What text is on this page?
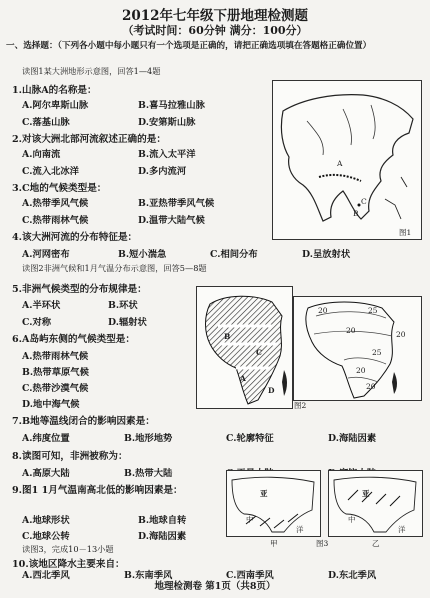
2012年七年级下册地理检测题
（考试时间：60分钟 满分：100分）
一、选择题：（下列各小题中每小题只有一个选项是正确的，请把正确选项填在答题格正确位置）
读图1某大洲地形示意图，回答1—4题
1.山脉A的名称是：
A.阿尔卑斯山脉	B.喜马拉雅山脉
C.落基山脉	D.安第斯山脉
2.对该大洲北部河流叙述正确的是：
A.向南流	B.流入太平洋
C.流入北冰洋	D.多内流河
3.C地的气候类型是：
A.热带季风气候	B.亚热带季风气候
C.热带雨林气候	D.温带大陆气候
4.该大洲河流的分布特征是：
A.河网密布	B.短小湍急	C.相间分布	D.呈放射状
读图2非洲气候和1月气温分布示意图，回答5—8题
5.非洲气候类型的分布规律是：
A.半环状	B.环状
C.对称	D.辐射状
6.A岛屿东侧的气候类型是：
A.热带雨林气候
B.热带草原气候
C.热带沙漠气候
D.地中海气候
7.B地等温线闭合的影响因素是：
A.纬度位置	B.地形地势	C.轮廓特征	D.海陆因素
8.读图可知，非洲被称为：
A.高原大陆	B.热带大陆
9.图1 1月气温南高北低的影响因素是：
A.地球形状	B.地球自转
C.地球公转	D.海陆因素
读图3，完成10－13小题
10.该地区降水主要来自：
A.西北季风	B.东南季风	C.西南季风	D.东北季风
A
B
C
图1
A
B
C
D
20	25
20	20
25
20
20
图2
亚	亚
中	中
洋	洋
甲	乙
图3
地理检测卷 第1页（共8页）
